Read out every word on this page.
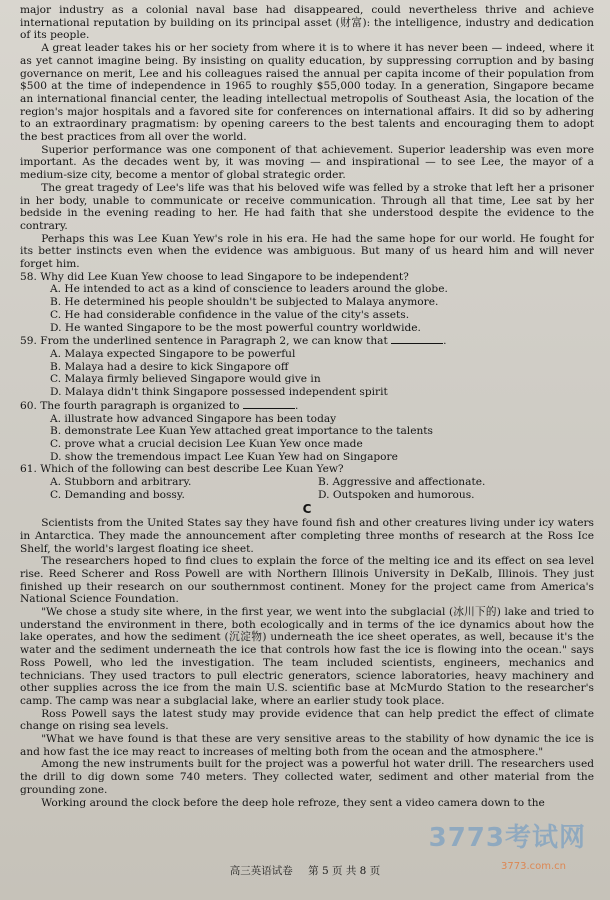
major industry as a colonial naval base had disappeared, could nevertheless thrive and achieve international reputation by building on its principal asset (财富): the intelligence, industry and dedication of its people.

A great leader takes his or her society from where it is to where it has never been — indeed, where it as yet cannot imagine being. By insisting on quality education, by suppressing corruption and by basing governance on merit, Lee and his colleagues raised the annual per capita income of their population from $500 at the time of independence in 1965 to roughly $55,000 today. In a generation, Singapore became an international financial center, the leading intellectual metropolis of Southeast Asia, the location of the region's major hospitals and a favored site for conferences on international affairs. It did so by adhering to an extraordinary pragmatism: by opening careers to the best talents and encouraging them to adopt the best practices from all over the world.

Superior performance was one component of that achievement. Superior leadership was even more important. As the decades went by, it was moving — and inspirational — to see Lee, the mayor of a medium-size city, become a mentor of global strategic order.

The great tragedy of Lee's life was that his beloved wife was felled by a stroke that left her a prisoner in her body, unable to communicate or receive communication. Through all that time, Lee sat by her bedside in the evening reading to her. He had faith that she understood despite the evidence to the contrary.

Perhaps this was Lee Kuan Yew's role in his era. He had the same hope for our world. He fought for its better instincts even when the evidence was ambiguous. But many of us heard him and will never forget him.

58. Why did Lee Kuan Yew choose to lead Singapore to be independent?

A. He intended to act as a kind of conscience to leaders around the globe.

B. He determined his people shouldn't be subjected to Malaya anymore.

C. He had considerable confidence in the value of the city's assets.

D. He wanted Singapore to be the most powerful country worldwide.

59. From the underlined sentence in Paragraph 2, we can know that	.

A. Malaya expected Singapore to be powerful

B. Malaya had a desire to kick Singapore off

C. Malaya firmly believed Singapore would give in

D. Malaya didn't think Singapore possessed independent spirit

60. The fourth paragraph is organized to	.

A. illustrate how advanced Singapore has been today

B. demonstrate Lee Kuan Yew attached great importance to the talents

C. prove what a crucial decision Lee Kuan Yew once made

D. show the tremendous impact Lee Kuan Yew had on Singapore

61. Which of the following can best describe Lee Kuan Yew?

A. Stubborn and arbitrary.	B. Aggressive and affectionate.
C. Demanding and bossy.	D. Outspoken and humorous.
C

Scientists from the United States say they have found fish and other creatures living under icy waters in Antarctica. They made the announcement after completing three months of research at the Ross Ice Shelf, the world's largest floating ice sheet.

The researchers hoped to find clues to explain the force of the melting ice and its effect on sea level rise. Reed Scherer and Ross Powell are with Northern Illinois University in DeKalb, Illinois. They just finished up their research on our southernmost continent. Money for the project came from America's National Science Foundation.

"We chose a study site where, in the first year, we went into the subglacial (冰川下的) lake and tried to understand the environment in there, both ecologically and in terms of the ice dynamics about how the lake operates, and how the sediment (沉淀物) underneath the ice sheet operates, as well, because it's the water and the sediment underneath the ice that controls how fast the ice is flowing into the ocean." says Ross Powell, who led the investigation. The team included scientists, engineers, mechanics and technicians. They used tractors to pull electric generators, science laboratories, heavy machinery and other supplies across the ice from the main U.S. scientific base at McMurdo Station to the researcher's camp. The camp was near a subglacial lake, where an earlier study took place.

Ross Powell says the latest study may provide evidence that can help predict the effect of climate change on rising sea levels.

"What we have found is that these are very sensitive areas to the stability of how dynamic the ice is and how fast the ice may react to increases of melting both from the ocean and the atmosphere."

Among the new instruments built for the project was a powerful hot water drill. The researchers used the drill to dig down some 740 meters. They collected water, sediment and other material from the grounding zone.

Working around the clock before the deep hole refroze, they sent a video camera down to the

3773考试网
3773.com.cn
高三英语试卷 第 5 页 共 8 页
